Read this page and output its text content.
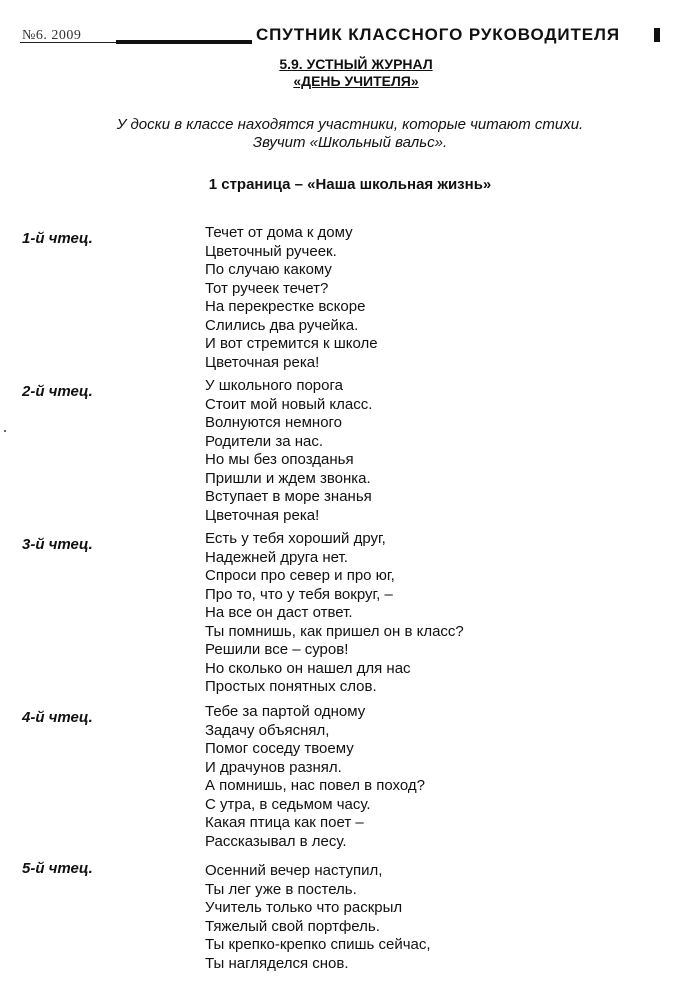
№6. 2009	СПУТНИК КЛАССНОГО РУКОВОДИТЕЛЯ
5.9. УСТНЫЙ ЖУРНАЛ
«ДЕНЬ УЧИТЕЛЯ»
У доски в классе находятся участники, которые читают стихи.
Звучит «Школьный вальс».
1 страница – «Наша школьная жизнь»
1-й чтец.	Течет от дома к дому
Цветочный ручеек.
По случаю какому
Тот ручеек течет?
На перекрестке вскоре
Слились два ручейка.
И вот стремится к школе
Цветочная река!
2-й чтец.	У школьного порога
Стоит мой новый класс.
Волнуются немного
Родители за нас.
Но мы без опозданья
Пришли и ждем звонка.
Вступает в море знанья
Цветочная река!
3-й чтец.	Есть у тебя хороший друг,
Надежней друга нет.
Спроси про север и про юг,
Про то, что у тебя вокруг, –
На все он даст ответ.
Ты помнишь, как пришел он в класс?
Решили все – суров!
Но сколько он нашел для нас
Простых понятных слов.
4-й чтец.	Тебе за партой одному
Задачу объяснял,
Помог соседу твоему
И драчунов разнял.
А помнишь, нас повел в поход?
С утра, в седьмом часу.
Какая птица как поет –
Рассказывал в лесу.
5-й чтец.	Осенний вечер наступил,
Ты лег уже в постель.
Учитель только что раскрыл
Тяжелый свой портфель.
Ты крепко-крепко спишь сейчас,
Ты нагляделся снов.
